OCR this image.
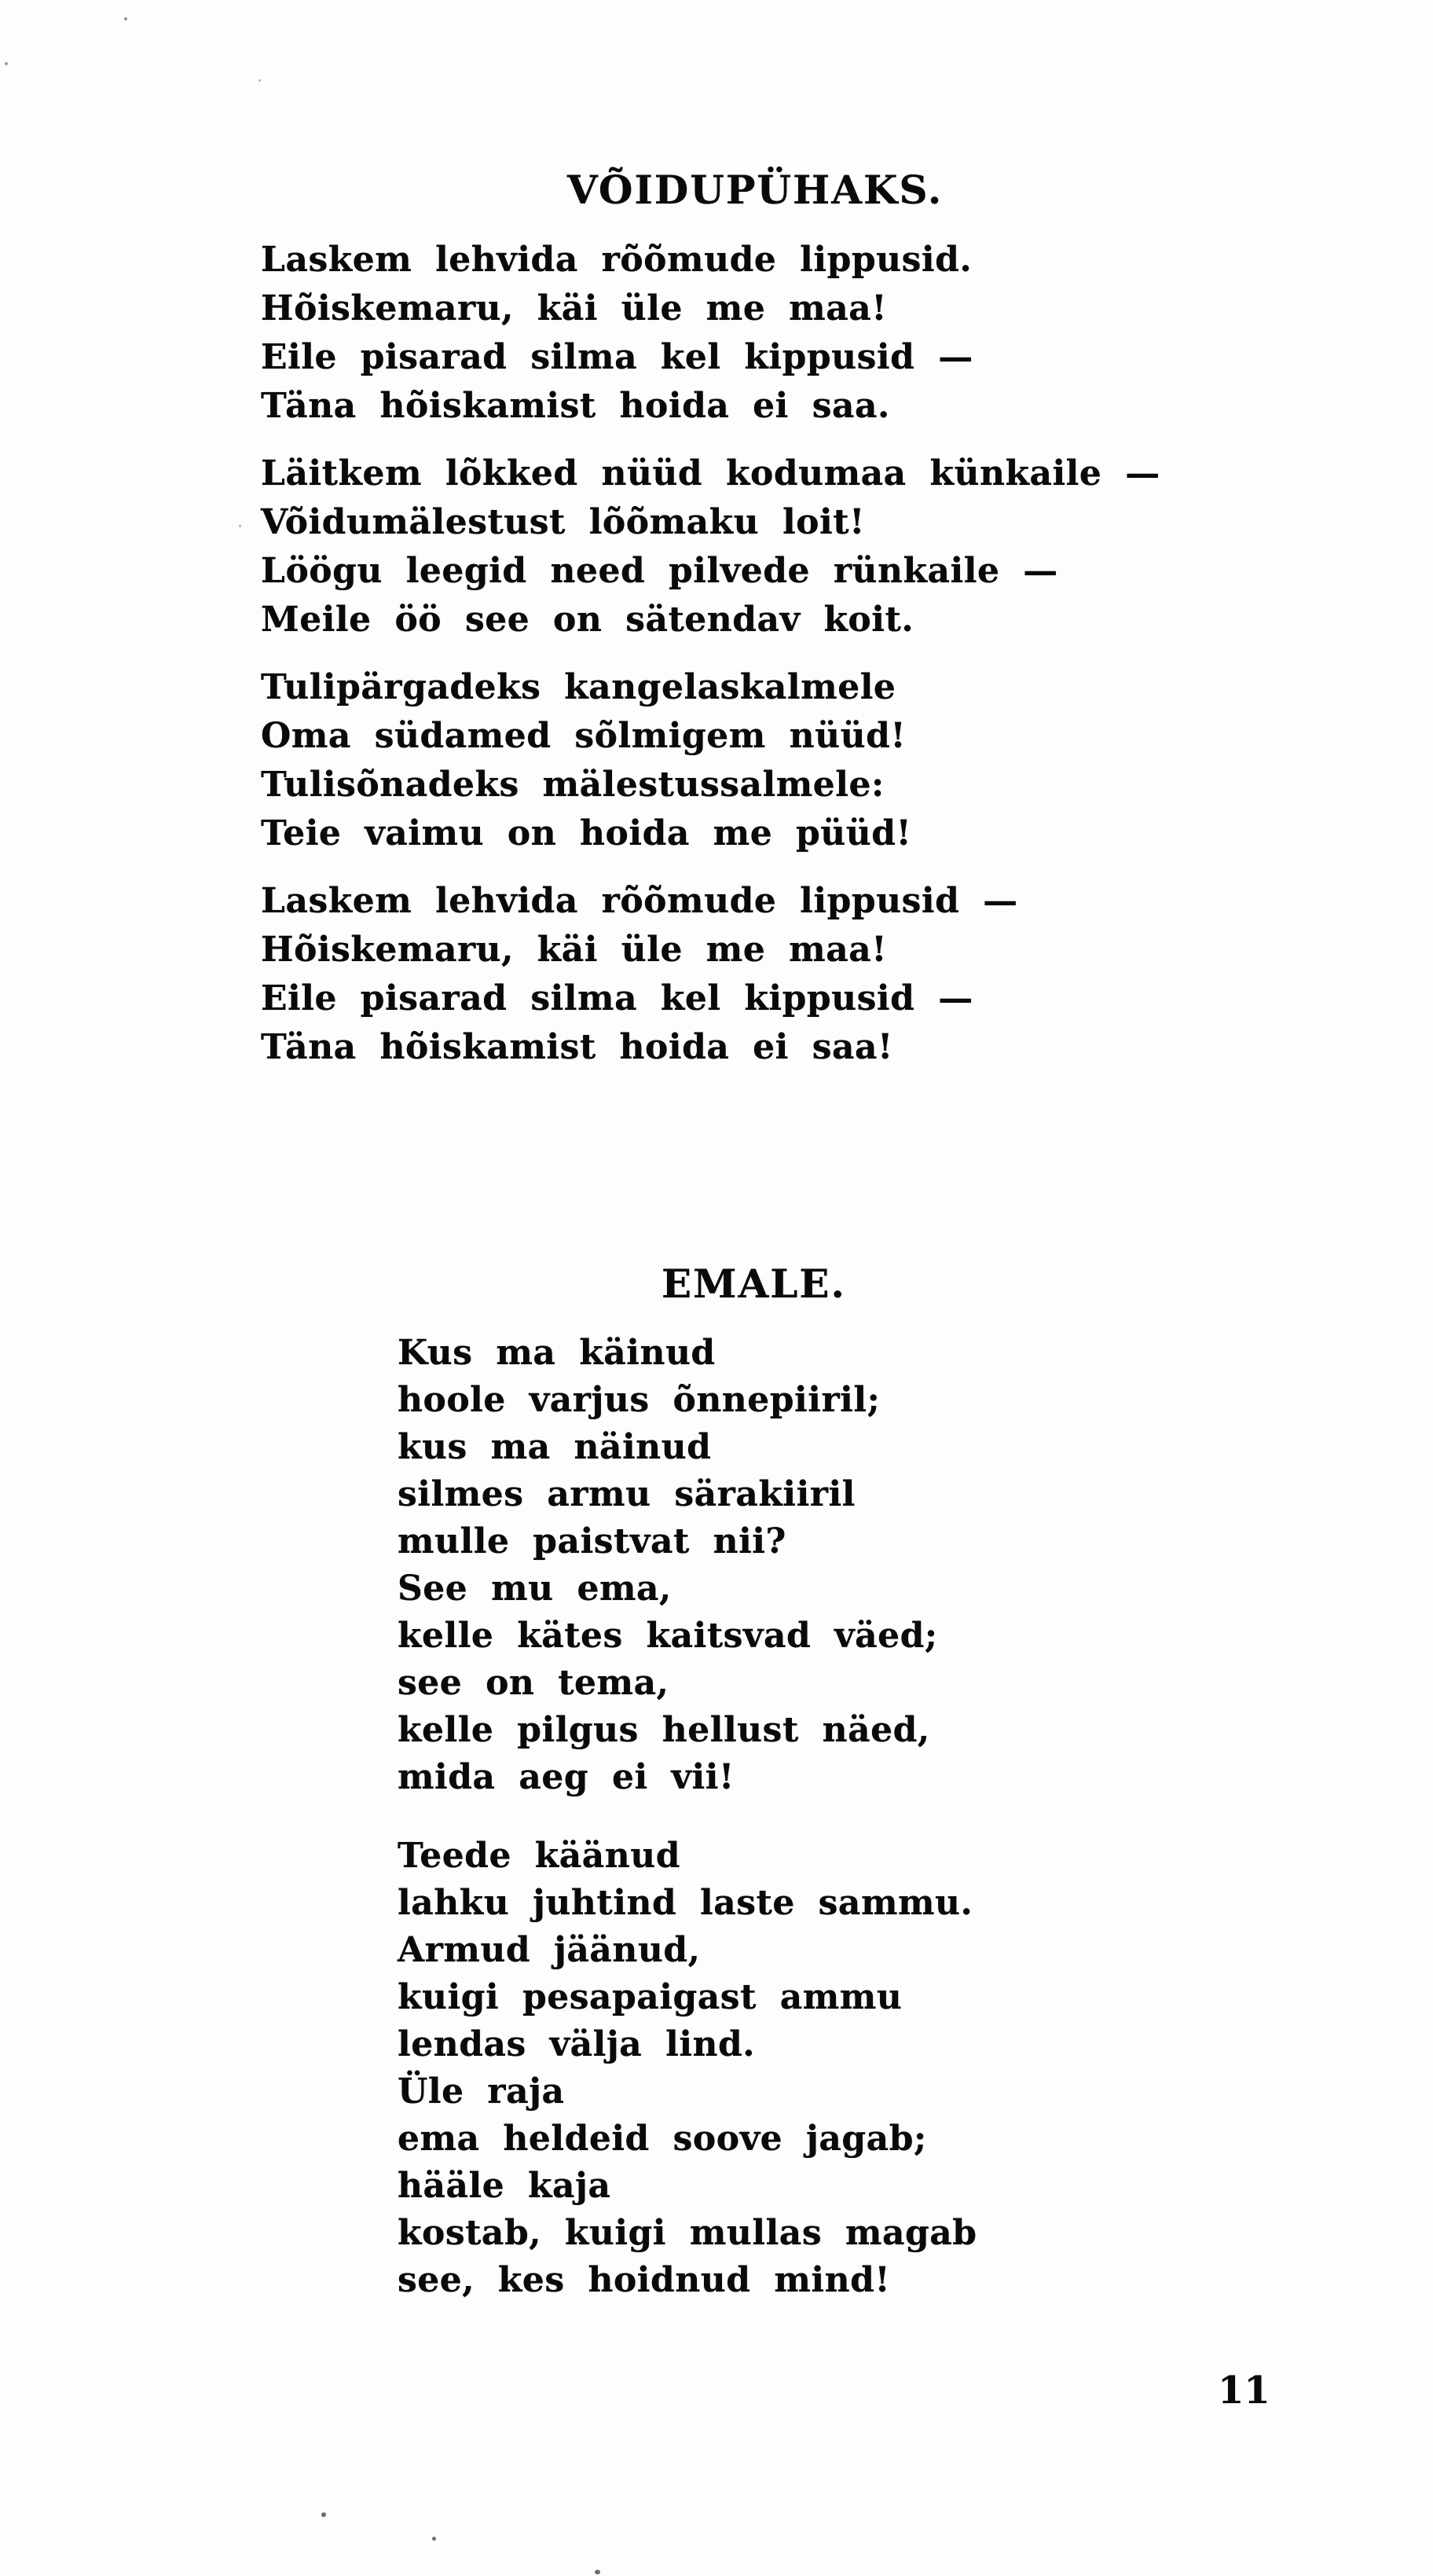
VÕIDUPÜHAKS.
Laskem lehvida rõõmude lippusid.
Hõiskemaru, käi üle me maa!
Eile pisarad silma kel kippusid —
Täna hõiskamist hoida ei saa.
Läitkem lõkked nüüd kodumaa künkaile —
Võidumälestust lõõmaku loit!
Löögu leegid need pilvede rünkaile —
Meile öö see on sätendav koit.
Tulipärgadeks kangelaskalmele
Oma südamed sõlmigem nüüd!
Tulisõnadeks mälestussalmele:
Teie vaimu on hoida me püüd!
Laskem lehvida rõõmude lippusid —
Hõiskemaru, käi üle me maa!
Eile pisarad silma kel kippusid —
Täna hõiskamist hoida ei saa!
EMALE.
Kus ma käinud
hoole varjus õnnepiiril;
kus ma näinud
silmes armu särakiiril
mulle paistvat nii?
See mu ema,
kelle kätes kaitsvad väed;
see on tema,
kelle pilgus hellust näed,
mida aeg ei vii!
Teede käänud
lahku juhtind laste sammu.
Armud jäänud,
kuigi pesapaigast ammu
lendas välja lind.
Üle raja
ema heldeid soove jagab;
hääle kaja
kostab, kuigi mullas magab
see, kes hoidnud mind!
11
